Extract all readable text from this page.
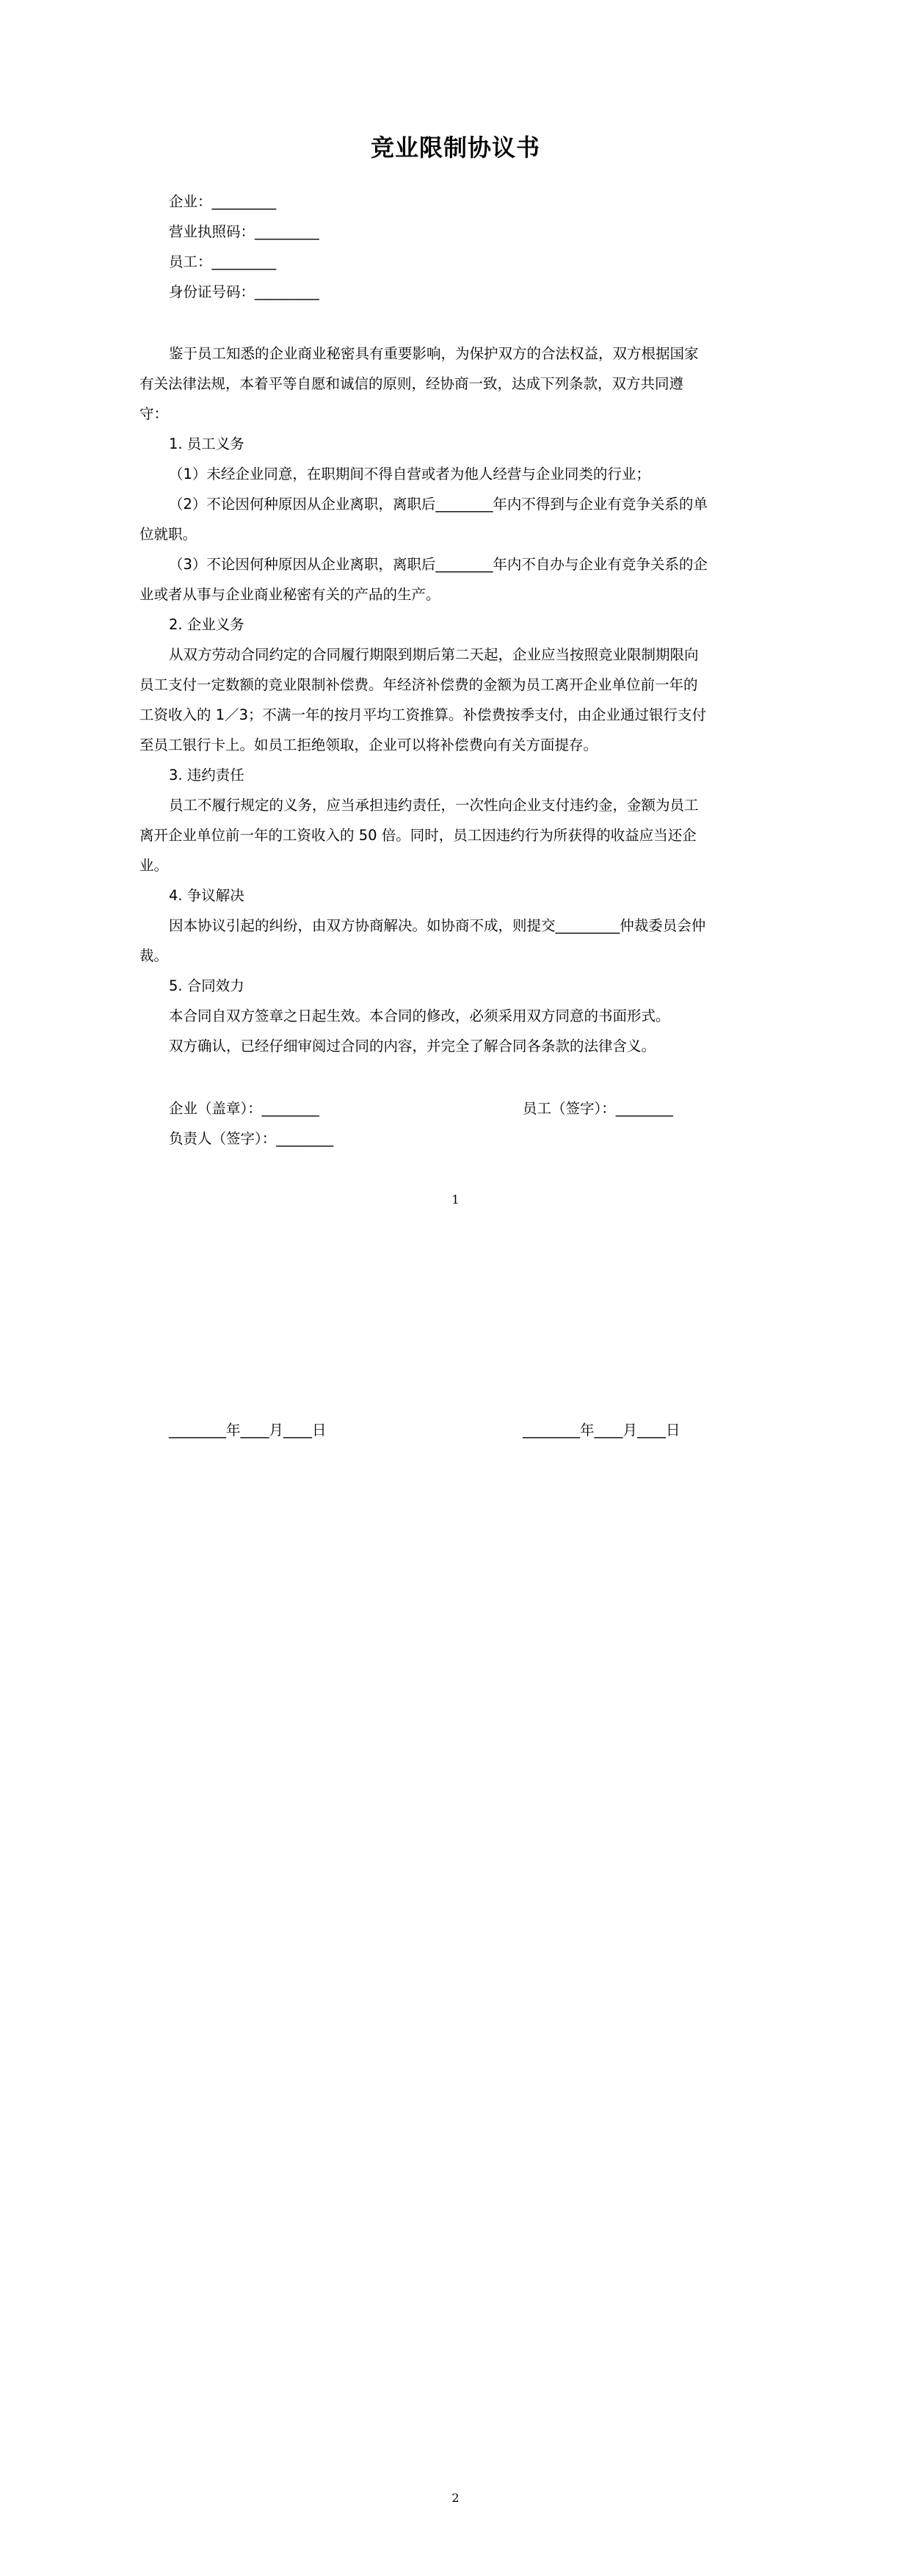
竞业限制协议书
企业：_________
营业执照码：_________
员工：_________
身份证号码：_________
鉴于员工知悉的企业商业秘密具有重要影响，为保护双方的合法权益，双方根据国家
有关法律法规，本着平等自愿和诚信的原则，经协商一致，达成下列条款，双方共同遵
守：
1. 员工义务
（1）未经企业同意，在职期间不得自营或者为他人经营与企业同类的行业；
（2）不论因何种原因从企业离职，离职后________年内不得到与企业有竞争关系的单
位就职。
（3）不论因何种原因从企业离职，离职后________年内不自办与企业有竞争关系的企
业或者从事与企业商业秘密有关的产品的生产。
2. 企业义务
从双方劳动合同约定的合同履行期限到期后第二天起，企业应当按照竞业限制期限向
员工支付一定数额的竞业限制补偿费。年经济补偿费的金额为员工离开企业单位前一年的
工资收入的 1／3；不满一年的按月平均工资推算。补偿费按季支付，由企业通过银行支付
至员工银行卡上。如员工拒绝领取，企业可以将补偿费向有关方面提存。
3. 违约责任
员工不履行规定的义务，应当承担违约责任，一次性向企业支付违约金，金额为员工
离开企业单位前一年的工资收入的 50 倍。同时，员工因违约行为所获得的收益应当还企
业。
4. 争议解决
因本协议引起的纠纷，由双方协商解决。如协商不成，则提交_________仲裁委员会仲
裁。
5. 合同效力
本合同自双方签章之日起生效。本合同的修改，必须采用双方同意的书面形式。
双方确认，已经仔细审阅过合同的内容，并完全了解合同各条款的法律含义。
企业（盖章）：________	员工（签字）：________
负责人（签字）：________
1
________年____月____日	________年____月____日
2
